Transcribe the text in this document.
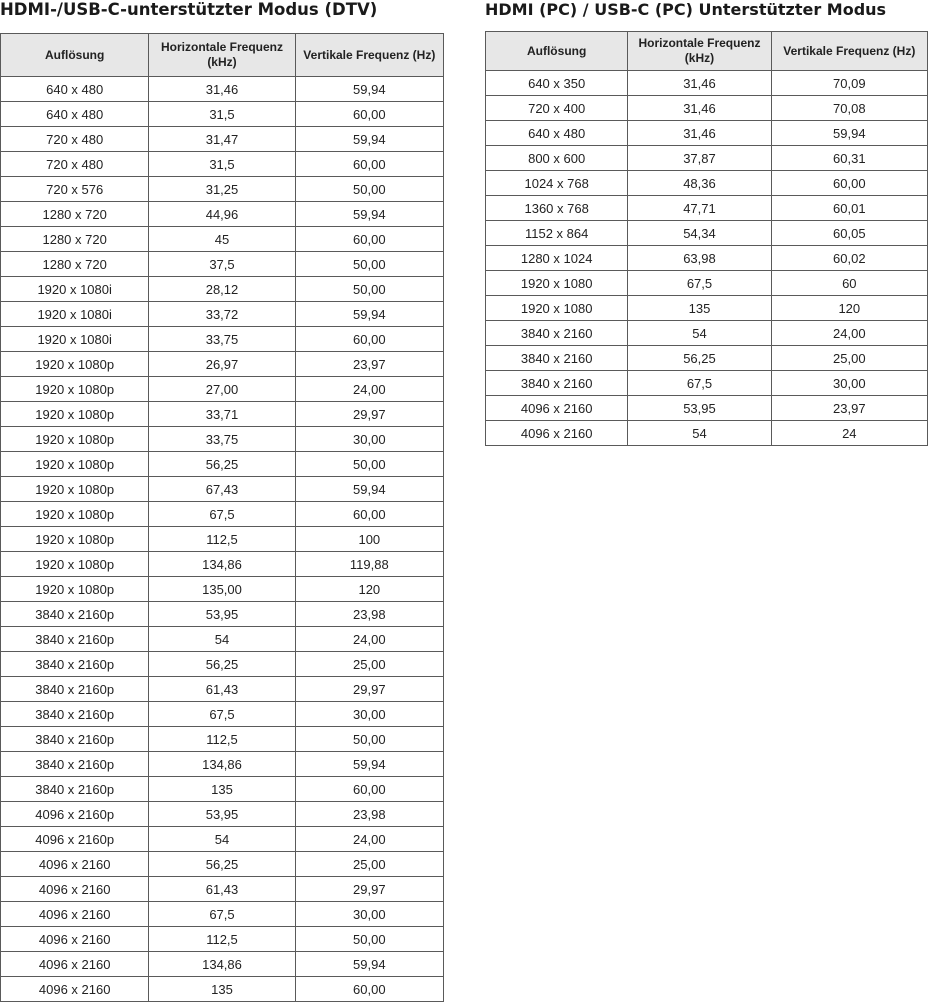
HDMI-/USB-C-unterstützter Modus (DTV)
Auflösung	Horizontale Frequenz (kHz)	Vertikale Frequenz (Hz)
640 x 480	31,46	59,94
640 x 480	31,5	60,00
720 x 480	31,47	59,94
720 x 480	31,5	60,00
720 x 576	31,25	50,00
1280 x 720	44,96	59,94
1280 x 720	45	60,00
1280 x 720	37,5	50,00
1920 x 1080i	28,12	50,00
1920 x 1080i	33,72	59,94
1920 x 1080i	33,75	60,00
1920 x 1080p	26,97	23,97
1920 x 1080p	27,00	24,00
1920 x 1080p	33,71	29,97
1920 x 1080p	33,75	30,00
1920 x 1080p	56,25	50,00
1920 x 1080p	67,43	59,94
1920 x 1080p	67,5	60,00
1920 x 1080p	112,5	100
1920 x 1080p	134,86	119,88
1920 x 1080p	135,00	120
3840 x 2160p	53,95	23,98
3840 x 2160p	54	24,00
3840 x 2160p	56,25	25,00
3840 x 2160p	61,43	29,97
3840 x 2160p	67,5	30,00
3840 x 2160p	112,5	50,00
3840 x 2160p	134,86	59,94
3840 x 2160p	135	60,00
4096 x 2160p	53,95	23,98
4096 x 2160p	54	24,00
4096 x 2160	56,25	25,00
4096 x 2160	61,43	29,97
4096 x 2160	67,5	30,00
4096 x 2160	112,5	50,00
4096 x 2160	134,86	59,94
4096 x 2160	135	60,00
HDMI (PC) / USB-C (PC) Unterstützter Modus
Auflösung	Horizontale Frequenz (kHz)	Vertikale Frequenz (Hz)
640 x 350	31,46	70,09
720 x 400	31,46	70,08
640 x 480	31,46	59,94
800 x 600	37,87	60,31
1024 x 768	48,36	60,00
1360 x 768	47,71	60,01
1152 x 864	54,34	60,05
1280 x 1024	63,98	60,02
1920 x 1080	67,5	60
1920 x 1080	135	120
3840 x 2160	54	24,00
3840 x 2160	56,25	25,00
3840 x 2160	67,5	30,00
4096 x 2160	53,95	23,97
4096 x 2160	54	24
